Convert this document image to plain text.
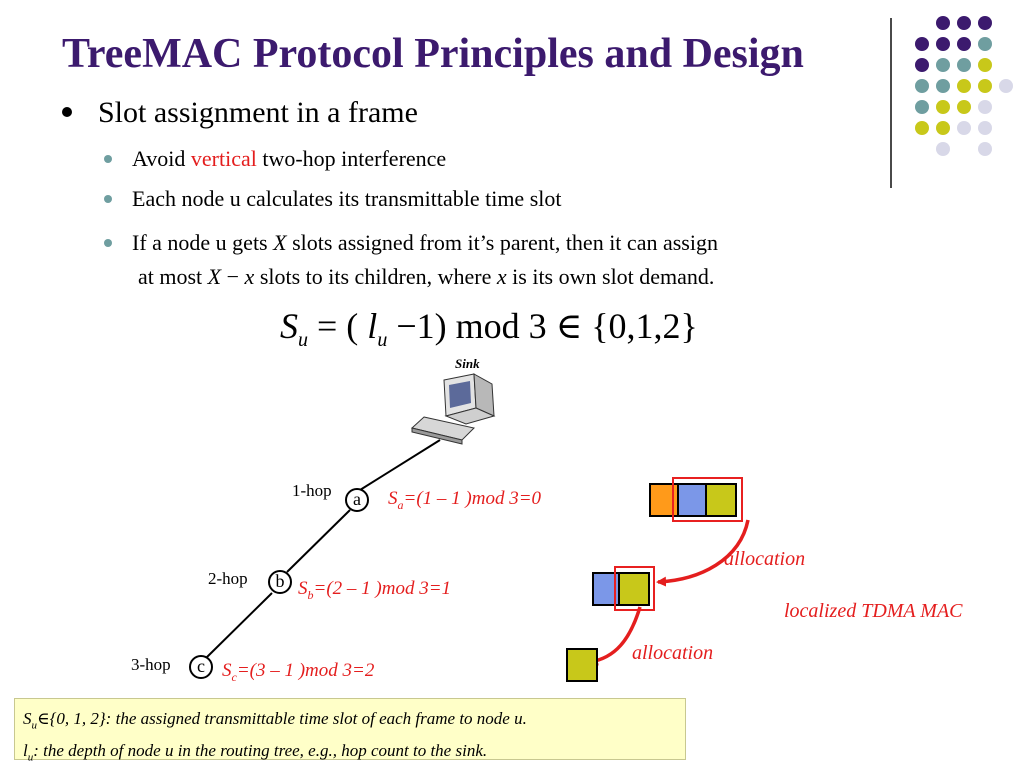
TreeMAC Protocol Principles and Design
Slot assignment in a frame
Avoid vertical two-hop interference
Each node u calculates its transmittable time slot
If a node u gets X slots assigned from it’s parent, then it can assign
at most X − x slots to its children, where x is its own slot demand.
$S_u$ = ( $l_u -1$) mod 3 ∈ {0,1,2}
Sink
1-hop
2-hop
3-hop
a
b
c
$S_a=(1 - 1$ )mod 3=0
$S_b=(2 - 1$ )mod 3=1
$S_c=(3 - 1$ )mod 3=2
allocation
allocation
localized TDMA MAC
$S_u\in\{0$, 1, 2}: the assigned transmittable time slot of each frame to node u.
$l_u$: the depth of node u in the routing tree, e.g., hop count to the sink.
